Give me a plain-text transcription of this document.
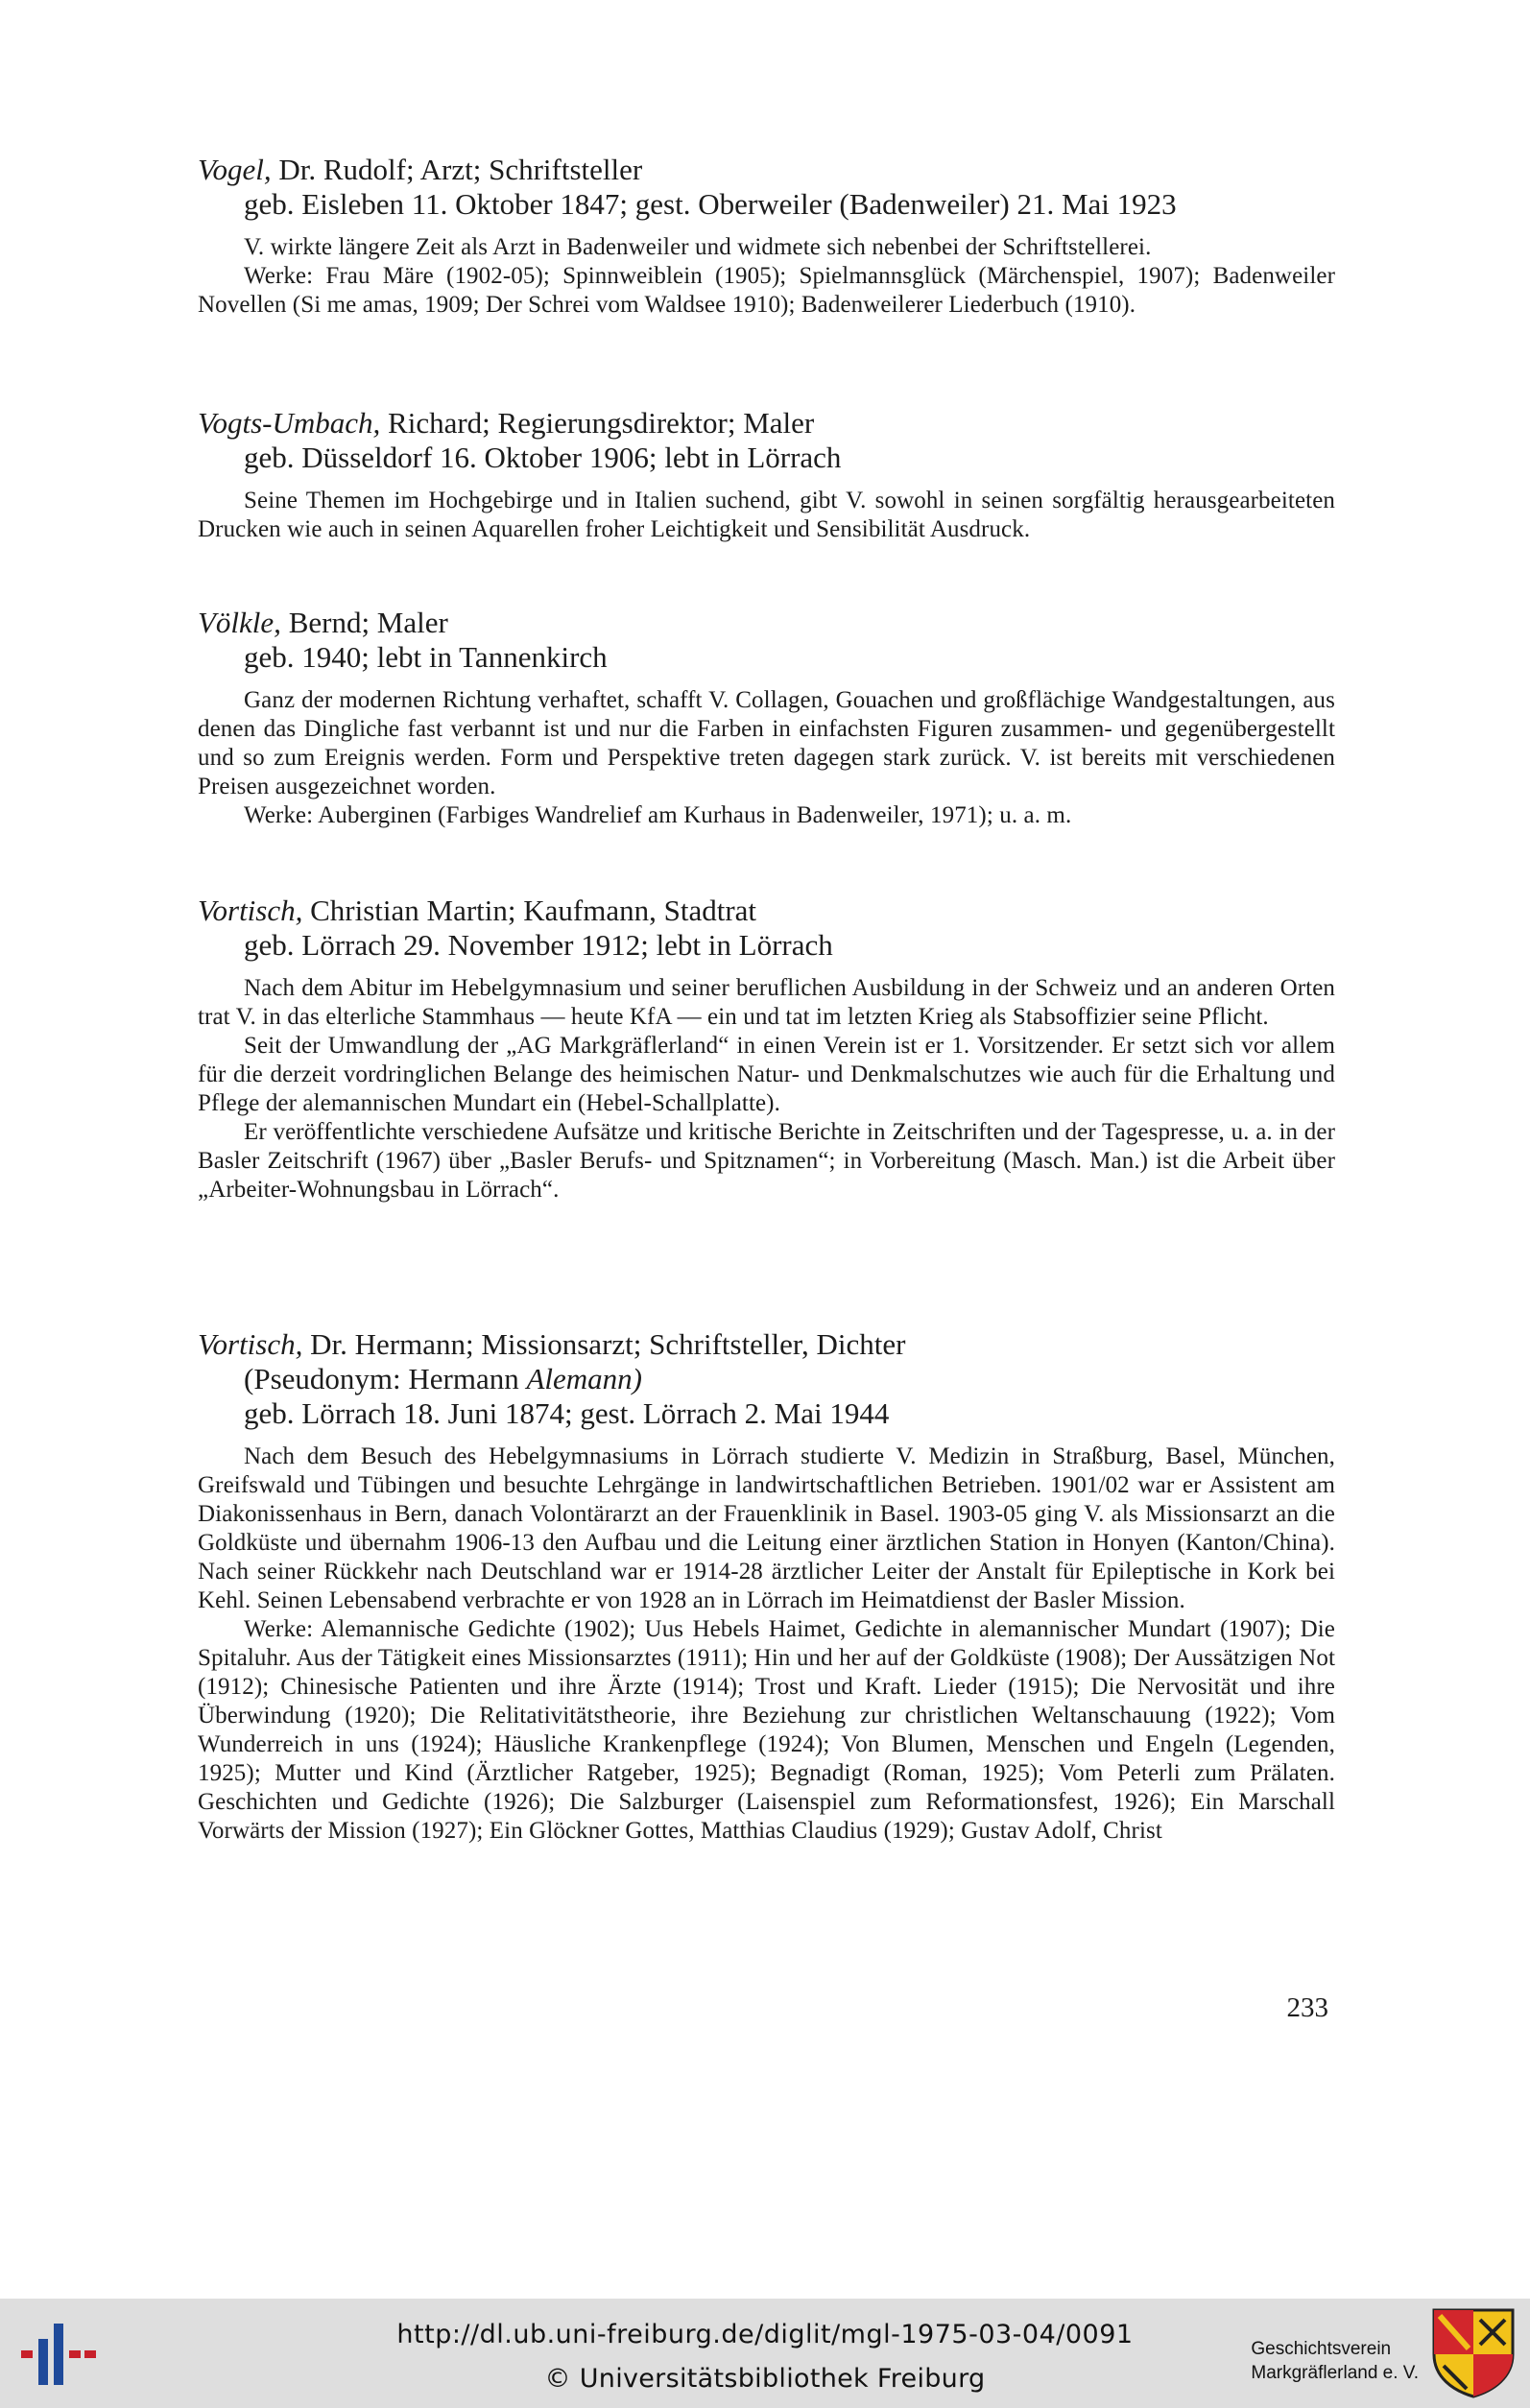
Vogel, Dr. Rudolf; Arzt; Schriftsteller
geb. Eisleben 11. Oktober 1847; gest. Oberweiler (Badenweiler) 21. Mai 1923

V. wirkte längere Zeit als Arzt in Badenweiler und widmete sich nebenbei der Schriftstellerei.

Werke: Frau Märe (1902-05); Spinnweiblein (1905); Spielmannsglück (Märchenspiel, 1907); Badenweiler Novellen (Si me amas, 1909; Der Schrei vom Waldsee 1910); Badenweilerer Liederbuch (1910).

Vogts-Umbach, Richard; Regierungsdirektor; Maler
geb. Düsseldorf 16. Oktober 1906; lebt in Lörrach

Seine Themen im Hochgebirge und in Italien suchend, gibt V. sowohl in seinen sorgfältig herausgearbeiteten Drucken wie auch in seinen Aquarellen froher Leichtigkeit und Sensibilität Ausdruck.

Völkle, Bernd; Maler
geb. 1940; lebt in Tannenkirch

Ganz der modernen Richtung verhaftet, schafft V. Collagen, Gouachen und großflächige Wandgestaltungen, aus denen das Dingliche fast verbannt ist und nur die Farben in einfachsten Figuren zusammen- und gegenübergestellt und so zum Ereignis werden. Form und Perspektive treten dagegen stark zurück. V. ist bereits mit verschiedenen Preisen ausgezeichnet worden.

Werke: Auberginen (Farbiges Wandrelief am Kurhaus in Badenweiler, 1971); u. a. m.

Vortisch, Christian Martin; Kaufmann, Stadtrat
geb. Lörrach 29. November 1912; lebt in Lörrach

Nach dem Abitur im Hebelgymnasium und seiner beruflichen Ausbildung in der Schweiz und an anderen Orten trat V. in das elterliche Stammhaus — heute KfA — ein und tat im letzten Krieg als Stabsoffizier seine Pflicht.

Seit der Umwandlung der „AG Markgräflerland“ in einen Verein ist er 1. Vorsitzender. Er setzt sich vor allem für die derzeit vordringlichen Belange des heimischen Natur- und Denkmalschutzes wie auch für die Erhaltung und Pflege der alemannischen Mundart ein (Hebel-Schallplatte).

Er veröffentlichte verschiedene Aufsätze und kritische Berichte in Zeitschriften und der Tagespresse, u. a. in der Basler Zeitschrift (1967) über „Basler Berufs- und Spitznamen“; in Vorbereitung (Masch. Man.) ist die Arbeit über „Arbeiter-Wohnungsbau in Lörrach“.

Vortisch, Dr. Hermann; Missionsarzt; Schriftsteller, Dichter
(Pseudonym: Hermann Alemann)
geb. Lörrach 18. Juni 1874; gest. Lörrach 2. Mai 1944

Nach dem Besuch des Hebelgymnasiums in Lörrach studierte V. Medizin in Straßburg, Basel, München, Greifswald und Tübingen und besuchte Lehrgänge in landwirtschaftlichen Betrieben. 1901/02 war er Assistent am Diakonissenhaus in Bern, danach Volontärarzt an der Frauenklinik in Basel. 1903-05 ging V. als Missionsarzt an die Goldküste und übernahm 1906-13 den Aufbau und die Leitung einer ärztlichen Station in Honyen (Kanton/China). Nach seiner Rückkehr nach Deutschland war er 1914-28 ärztlicher Leiter der Anstalt für Epileptische in Kork bei Kehl. Seinen Lebensabend verbrachte er von 1928 an in Lörrach im Heimatdienst der Basler Mission.

Werke: Alemannische Gedichte (1902); Uus Hebels Haimet, Gedichte in alemannischer Mundart (1907); Die Spitaluhr. Aus der Tätigkeit eines Missionsarztes (1911); Hin und her auf der Goldküste (1908); Der Aussätzigen Not (1912); Chinesische Patienten und ihre Ärzte (1914); Trost und Kraft. Lieder (1915); Die Nervosität und ihre Überwindung (1920); Die Relitativitätstheorie, ihre Beziehung zur christlichen Weltanschauung (1922); Vom Wunderreich in uns (1924); Häusliche Krankenpflege (1924); Von Blumen, Menschen und Engeln (Legenden, 1925); Mutter und Kind (Ärztlicher Ratgeber, 1925); Begnadigt (Roman, 1925); Vom Peterli zum Prälaten. Geschichten und Gedichte (1926); Die Salzburger (Laisenspiel zum Reformationsfest, 1926); Ein Marschall Vorwärts der Mission (1927); Ein Glöckner Gottes, Matthias Claudius (1929); Gustav Adolf, Christ

233
http://dl.ub.uni-freiburg.de/diglit/mgl-1975-03-04/0091
© Universitätsbibliothek Freiburg
Geschichtsverein
Markgräflerland e. V.
